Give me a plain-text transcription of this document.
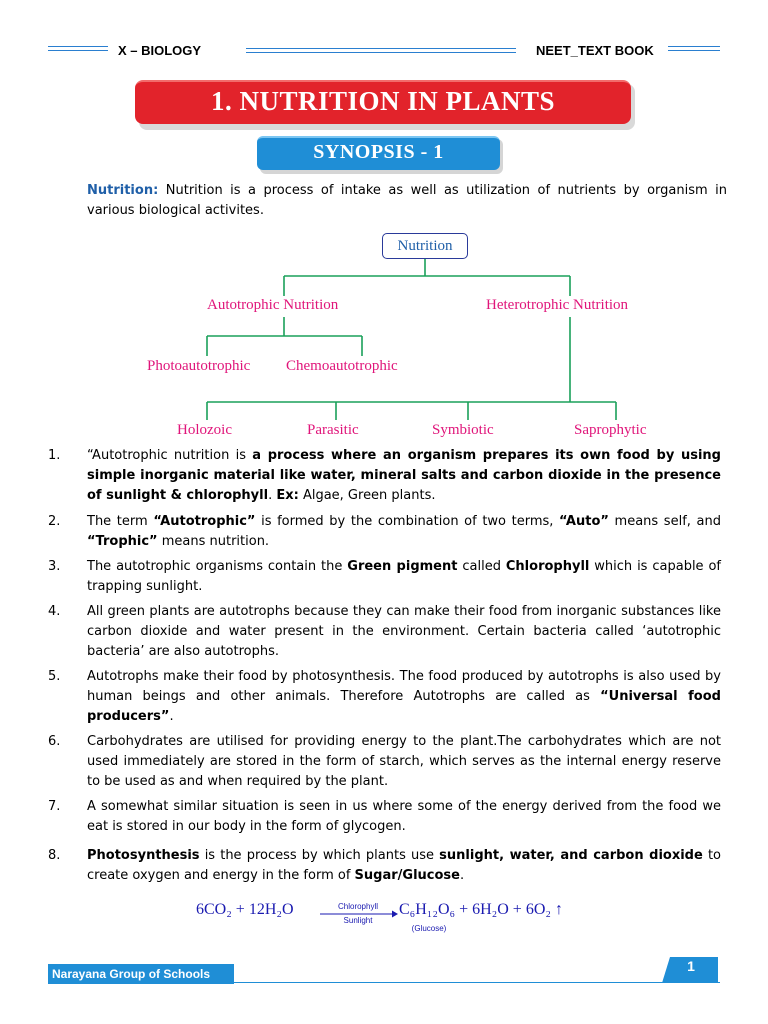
X – BIOLOGY	NEET_TEXT BOOK
1. NUTRITION IN PLANTS
SYNOPSIS - 1
Nutrition: Nutrition is a process of intake as well as utilization of nutrients by organism in various biological activites.
Nutrition
Autotrophic Nutrition	Heterotrophic Nutrition
Photoautotrophic Chemoautotrophic
Holozoic	Parasitic	Symbiotic	Saprophytic
1.	“Autotrophic nutrition is a process where an organism prepares its own food by using simple inorganic material like water, mineral salts and carbon dioxide in the presence of sunlight & chlorophyll. Ex: Algae, Green plants.
2.	The term “Autotrophic” is formed by the combination of two terms, “Auto” means self, and “Trophic” means nutrition.
3.	The autotrophic organisms contain the Green pigment called Chlorophyll which is capable of trapping sunlight.
4.	All green plants are autotrophs because they can make their food from inorganic substances like carbon dioxide and water present in the environment. Certain bacteria called ‘autotrophic bacteria’ are also autotrophs.
5.	Autotrophs make their food by photosynthesis. The food produced by autotrophs is also used by human beings and other animals. Therefore Autotrophs are called as “Universal food producers”.
6.	Carbohydrates are utilised for providing energy to the plant.The carbohydrates which are not used immediately are stored in the form of starch, which serves as the internal energy reserve to be used as and when required by the plant.
7.	A somewhat similar situation is seen in us where some of the energy derived from the food we eat is stored in our body in the form of glycogen.
8.	Photosynthesis is the process by which plants use sunlight, water, and carbon dioxide to create oxygen and energy in the form of Sugar/Glucose.
6CO₂ + 12H₂O	Chlorophyll
Sunlight
C₆H₁₂O₆ + 6H₂O + 6O₂ ↑
(Glucose)
Narayana Group of Schools	1
